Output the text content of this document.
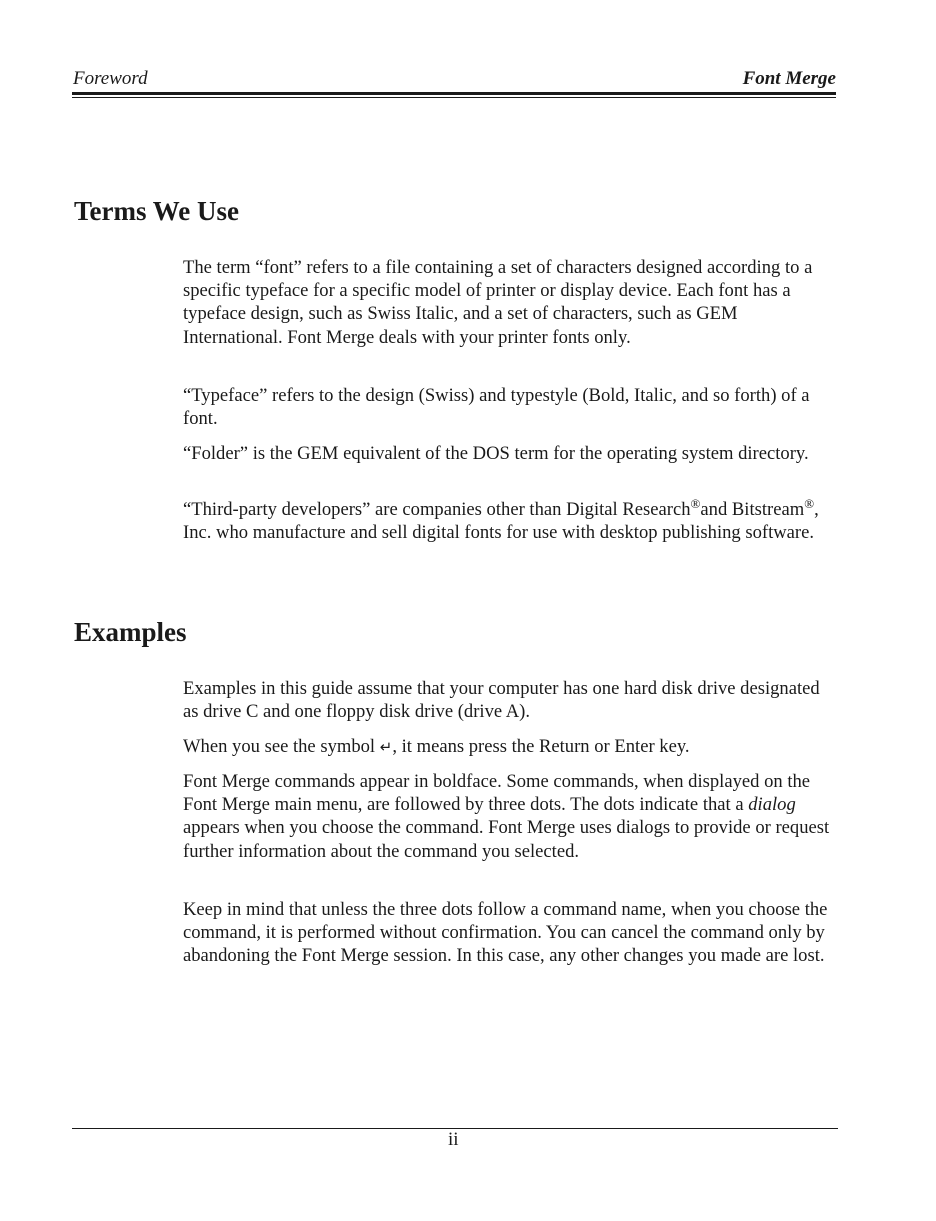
Foreword	Font Merge
Terms We Use

The term “font” refers to a file containing a set of characters designed according to a specific typeface for a specific model of printer or display device. Each font has a typeface design, such as Swiss Italic, and a set of characters, such as GEM International. Font Merge deals with your printer fonts only.

“Typeface” refers to the design (Swiss) and typestyle (Bold, Italic, and so forth) of a font.

“Folder” is the GEM equivalent of the DOS term for the operating system directory.

“Third-party developers” are companies other than Digital Research®and Bitstream®, Inc. who manufacture and sell digital fonts for use with desktop publishing software.

Examples

Examples in this guide assume that your computer has one hard disk drive designated as drive C and one floppy disk drive (drive A).

When you see the symbol ↵, it means press the Return or Enter key.

Font Merge commands appear in boldface. Some commands, when displayed on the Font Merge main menu, are followed by three dots. The dots indicate that a dialog appears when you choose the command. Font Merge uses dialogs to provide or request further information about the command you selected.

Keep in mind that unless the three dots follow a command name, when you choose the command, it is performed without confirmation. You can cancel the command only by abandoning the Font Merge session. In this case, any other changes you made are lost.

ii
